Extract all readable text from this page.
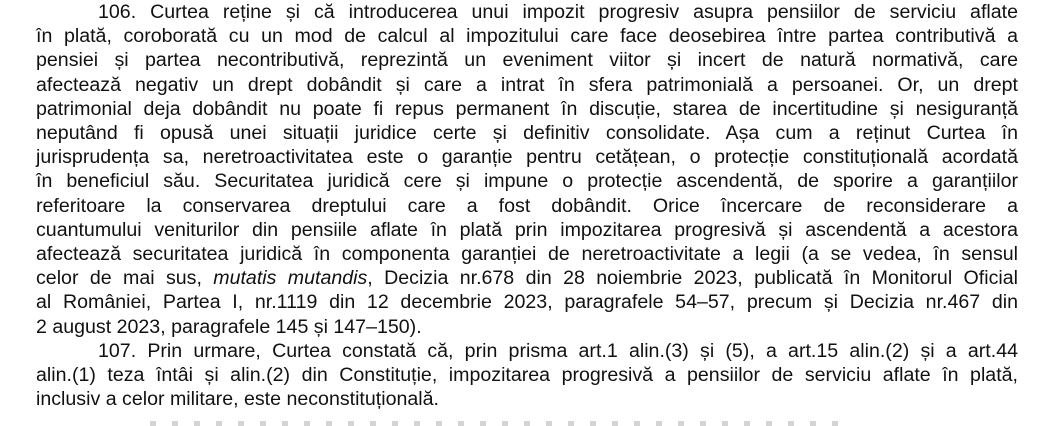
106. Curtea reține și că introducerea unui impozit progresiv asupra pensiilor de serviciu aflate
în plată, coroborată cu un mod de calcul al impozitului care face deosebirea între partea contributivă a
pensiei și partea necontributivă, reprezintă un eveniment viitor și incert de natură normativă, care
afectează negativ un drept dobândit și care a intrat în sfera patrimonială a persoanei. Or, un drept
patrimonial deja dobândit nu poate fi repus permanent în discuție, starea de incertitudine și nesiguranță
neputând fi opusă unei situații juridice certe și definitiv consolidate. Așa cum a reținut Curtea în
jurisprudența sa, neretroactivitatea este o garanție pentru cetățean, o protecție constituțională acordată
în beneficiul său. Securitatea juridică cere și impune o protecție ascendentă, de sporire a garanțiilor
referitoare la conservarea dreptului care a fost dobândit. Orice încercare de reconsiderare a
cuantumului veniturilor din pensiile aflate în plată prin impozitarea progresivă și ascendentă a acestora
afectează securitatea juridică în componenta garanției de neretroactivitate a legii (a se vedea, în sensul
celor de mai sus, mutatis mutandis, Decizia nr.678 din 28 noiembrie 2023, publicată în Monitorul Oficial
al României, Partea I, nr.1119 din 12 decembrie 2023, paragrafele 54–57, precum și Decizia nr.467 din
2 august 2023, paragrafele 145 și 147–150).
107. Prin urmare, Curtea constată că, prin prisma art.1 alin.(3) și (5), a art.15 alin.(2) și a art.44
alin.(1) teza întâi și alin.(2) din Constituție, impozitarea progresivă a pensiilor de serviciu aflate în plată,
inclusiv a celor militare, este neconstituțională.
